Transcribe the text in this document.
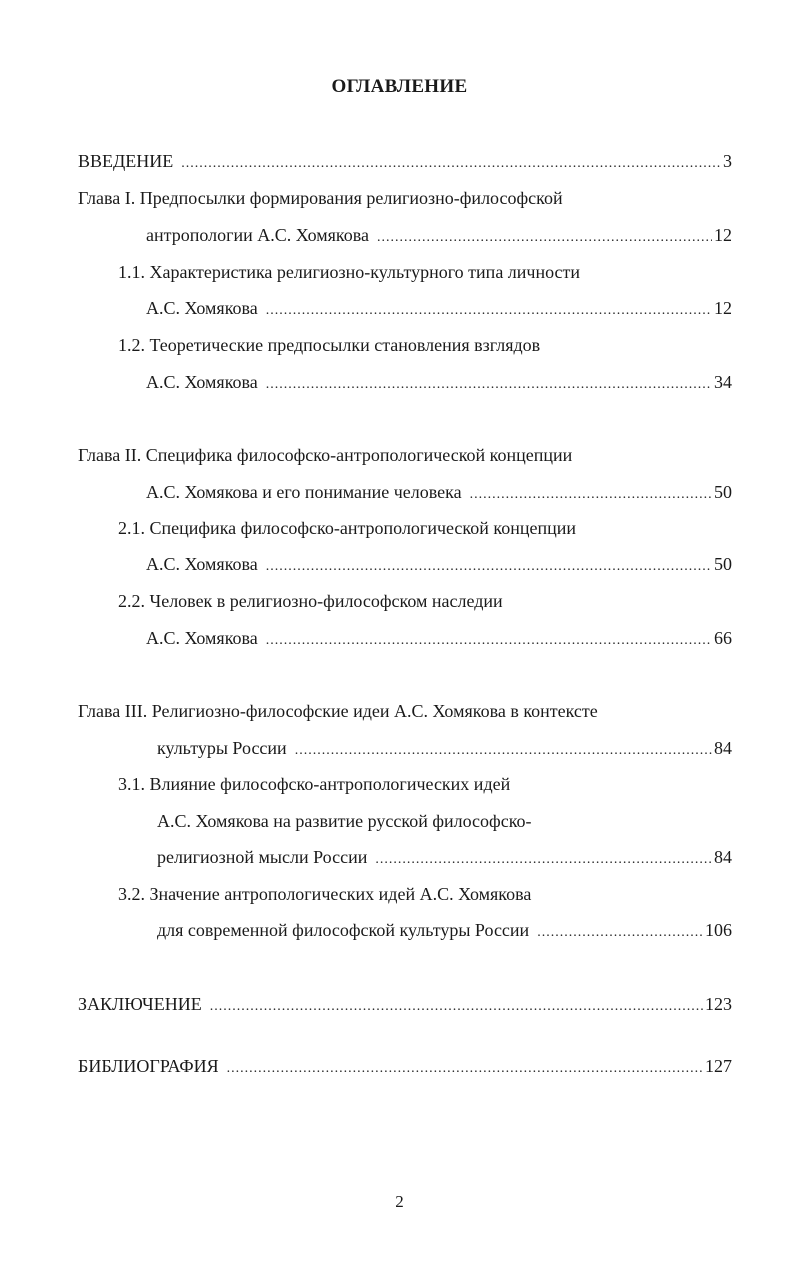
ОГЛАВЛЕНИЕ
ВВЕДЕНИЕ .....	3
Глава I. Предпосылки формирования религиозно-философской
антропологии А.С. Хомякова .....	12
1.1. Характеристика религиозно-культурного типа личности
А.С. Хомякова .....	12
1.2. Теоретические предпосылки становления взглядов
А.С. Хомякова .....	34
Глава II. Специфика философско-антропологической концепции
А.С. Хомякова и его понимание человека .....	50
2.1. Специфика философско-антропологической концепции
А.С. Хомякова .....	50
2.2. Человек в религиозно-философском наследии
А.С. Хомякова .....	66
Глава III. Религиозно-философские идеи А.С. Хомякова в контексте
культуры России .....	84
3.1. Влияние философско-антропологических идей
А.С. Хомякова на развитие русской философско-
религиозной мысли России .....	84
3.2. Значение антропологических идей А.С. Хомякова
для современной философской культуры России .....	106
ЗАКЛЮЧЕНИЕ .....	123
БИБЛИОГРАФИЯ .....	127
2
